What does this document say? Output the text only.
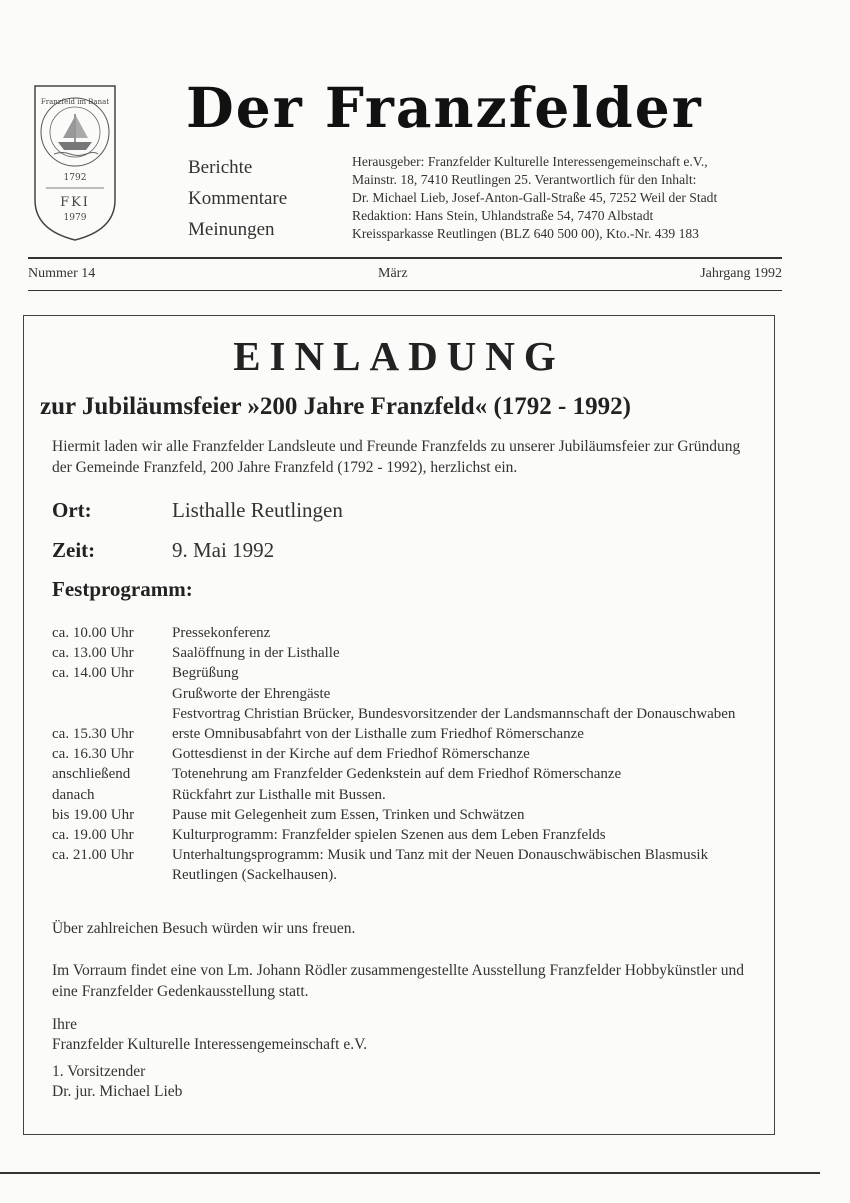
Franzfeld im Banat
1792
FKI
1979
Der Franzfelder
Berichte
Kommentare
Meinungen
Herausgeber: Franzfelder Kulturelle Interessengemeinschaft e.V.,
Mainstr. 18, 7410 Reutlingen 25. Verantwortlich für den Inhalt:
Dr. Michael Lieb, Josef-Anton-Gall-Straße 45, 7252 Weil der Stadt
Redaktion: Hans Stein, Uhlandstraße 54, 7470 Albstadt
Kreissparkasse Reutlingen (BLZ 640 500 00), Kto.-Nr. 439 183
Nummer 14	März	Jahrgang 1992
EINLADUNG
zur Jubiläumsfeier »200 Jahre Franzfeld« (1792 - 1992)
Hiermit laden wir alle Franzfelder Landsleute und Freunde Franzfelds zu unserer Jubiläumsfeier zur Gründung der Gemeinde Franzfeld, 200 Jahre Franzfeld (1792 - 1992), herzlichst ein.
Ort:	Listhalle Reutlingen
Zeit:	9. Mai 1992
Festprogramm:
ca. 10.00 Uhr	Pressekonferenz
ca. 13.00 Uhr	Saalöffnung in der Listhalle
ca. 14.00 Uhr	Begrüßung
Grußworte der Ehrengäste
Festvortrag Christian Brücker, Bundesvorsitzender der Landsmannschaft der Donauschwaben
ca. 15.30 Uhr	erste Omnibusabfahrt von der Listhalle zum Friedhof Römerschanze
ca. 16.30 Uhr	Gottesdienst in der Kirche auf dem Friedhof Römerschanze
anschließend	Totenehrung am Franzfelder Gedenkstein auf dem Friedhof Römerschanze
danach	Rückfahrt zur Listhalle mit Bussen.
bis 19.00 Uhr	Pause mit Gelegenheit zum Essen, Trinken und Schwätzen
ca. 19.00 Uhr	Kulturprogramm: Franzfelder spielen Szenen aus dem Leben Franzfelds
ca. 21.00 Uhr	Unterhaltungsprogramm: Musik und Tanz mit der Neuen Donauschwäbischen Blasmusik Reutlingen (Sackelhausen).
Über zahlreichen Besuch würden wir uns freuen.
Im Vorraum findet eine von Lm. Johann Rödler zusammengestellte Ausstellung Franzfelder Hobbykünstler und eine Franzfelder Gedenkausstellung statt.
Ihre
Franzfelder Kulturelle Interessengemeinschaft e.V.
1. Vorsitzender
Dr. jur. Michael Lieb
